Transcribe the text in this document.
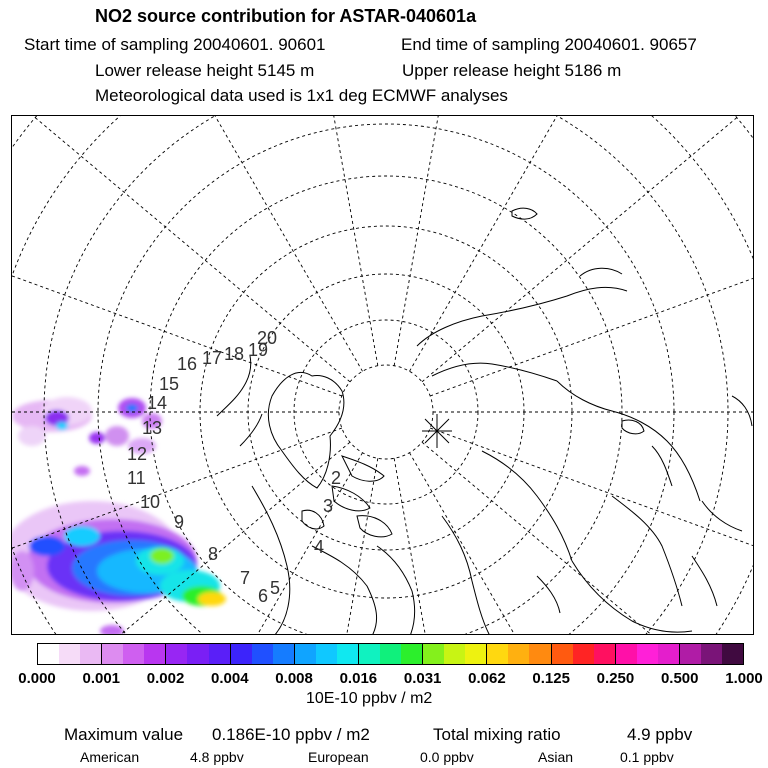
NO2 source contribution for ASTAR-040601a
Start time of sampling 20040601. 90601	End time of sampling 20040601. 90657
Lower release height 5145 m	Upper release height 5186 m
Meteorological data used is 1x1 deg ECMWF analyses
2
3
4
5
6
7
8
9
10
11
12
13
14
15
16 17 18 19
20
0.000 0.001 0.002 0.004 0.008 0.016 0.031 0.062 0.125 0.250 0.500 1.000
10E-10 ppbv / m2
Maximum value 0.186E-10 ppbv / m2	Total mixing ratio	4.9 ppbv
American	4.8 ppbv	European	0.0 ppbv	Asian	0.1 ppbv
